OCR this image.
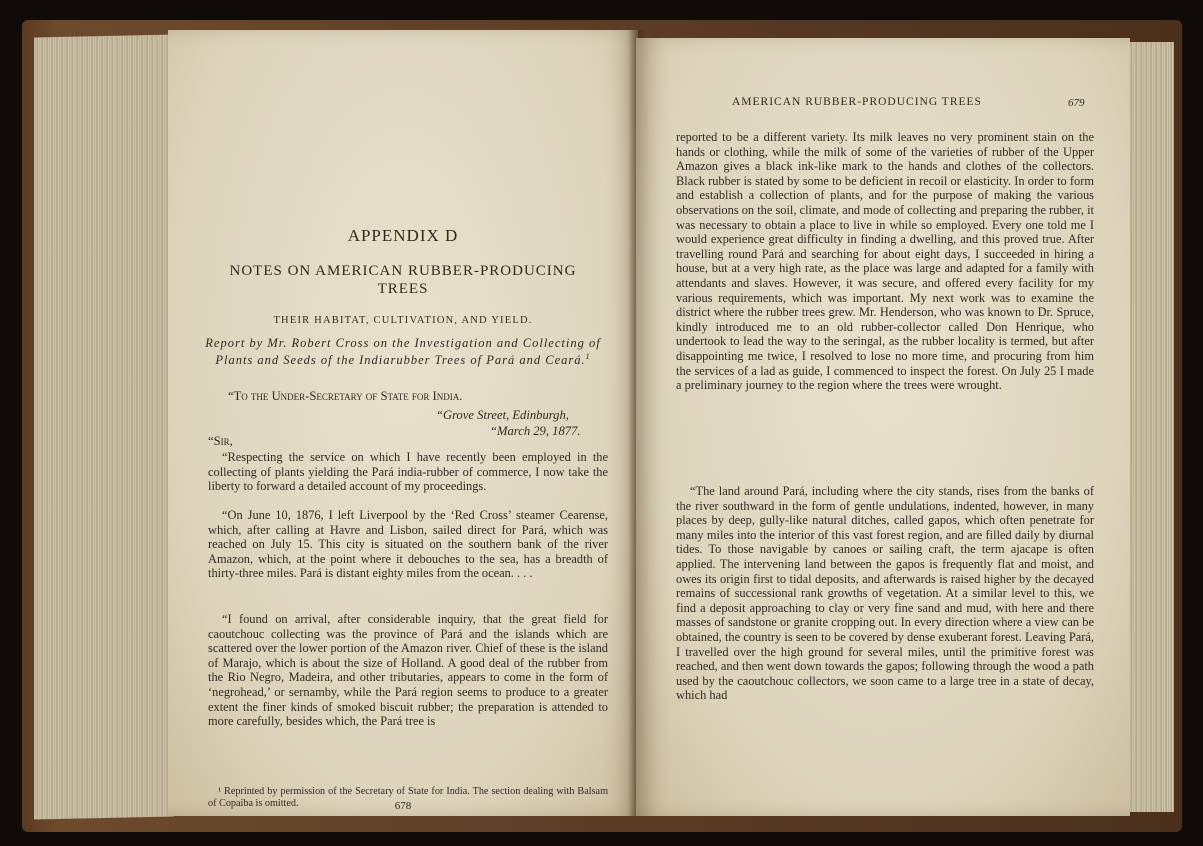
APPENDIX D
NOTES ON AMERICAN RUBBER-PRODUCING TREES
THEIR HABITAT, CULTIVATION, AND YIELD.
Report by Mr. Robert Cross on the Investigation and Collecting of Plants and Seeds of the Indiarubber Trees of Pará and Ceará.$^1$
“To the Under-Secretary of State for India.
“Grove Street, Edinburgh,
“March 29, 1877.
“Sir,
“Respecting the service on which I have recently been employed in the collecting of plants yielding the Pará india-rubber of commerce, I now take the liberty to forward a detailed account of my proceedings.
“On June 10, 1876, I left Liverpool by the ‘Red Cross’ steamer Cearense, which, after calling at Havre and Lisbon, sailed direct for Pará, which was reached on July 15. This city is situated on the southern bank of the river Amazon, which, at the point where it debouches to the sea, has a breadth of thirty-three miles. Pará is distant eighty miles from the ocean. . . .
“I found on arrival, after considerable inquiry, that the great field for caoutchouc collecting was the province of Pará and the islands which are scattered over the lower portion of the Amazon river. Chief of these is the island of Marajo, which is about the size of Holland. A good deal of the rubber from the Rio Negro, Madeira, and other tributaries, appears to come in the form of ‘negrohead,’ or sernamby, while the Pará region seems to produce to a greater extent the finer kinds of smoked biscuit rubber; the preparation is attended to more carefully, besides which, the Pará tree is
¹ Reprinted by permission of the Secretary of State for India. The section dealing with Balsam of Copaiba is omitted.	678
AMERICAN RUBBER-PRODUCING TREES	679
reported to be a different variety. Its milk leaves no very prominent stain on the hands or clothing, while the milk of some of the varieties of rubber of the Upper Amazon gives a black ink-like mark to the hands and clothes of the collectors. Black rubber is stated by some to be deficient in recoil or elasticity. In order to form and establish a collection of plants, and for the purpose of making the various observations on the soil, climate, and mode of collecting and preparing the rubber, it was necessary to obtain a place to live in while so employed. Every one told me I would experience great difficulty in finding a dwelling, and this proved true. After travelling round Pará and searching for about eight days, I succeeded in hiring a house, but at a very high rate, as the place was large and adapted for a family with attendants and slaves. However, it was secure, and offered every facility for my various requirements, which was important. My next work was to examine the district where the rubber trees grew. Mr. Henderson, who was known to Dr. Spruce, kindly introduced me to an old rubber-collector called Don Henrique, who undertook to lead the way to the seringal, as the rubber locality is termed, but after disappointing me twice, I resolved to lose no more time, and procuring from him the services of a lad as guide, I commenced to inspect the forest. On July 25 I made a preliminary journey to the region where the trees were wrought.
“The land around Pará, including where the city stands, rises from the banks of the river southward in the form of gentle undulations, indented, however, in many places by deep, gully-like natural ditches, called gapos, which often penetrate for many miles into the interior of this vast forest region, and are filled daily by diurnal tides. To those navigable by canoes or sailing craft, the term ajacape is often applied. The intervening land between the gapos is frequently flat and moist, and owes its origin first to tidal deposits, and afterwards is raised higher by the decayed remains of successional rank growths of vegetation. At a similar level to this, we find a deposit approaching to clay or very fine sand and mud, with here and there masses of sandstone or granite cropping out. In every direction where a view can be obtained, the country is seen to be covered by dense exuberant forest. Leaving Pará, I travelled over the high ground for several miles, until the primitive forest was reached, and then went down towards the gapos; following through the wood a path used by the caoutchouc collectors, we soon came to a large tree in a state of decay, which had
